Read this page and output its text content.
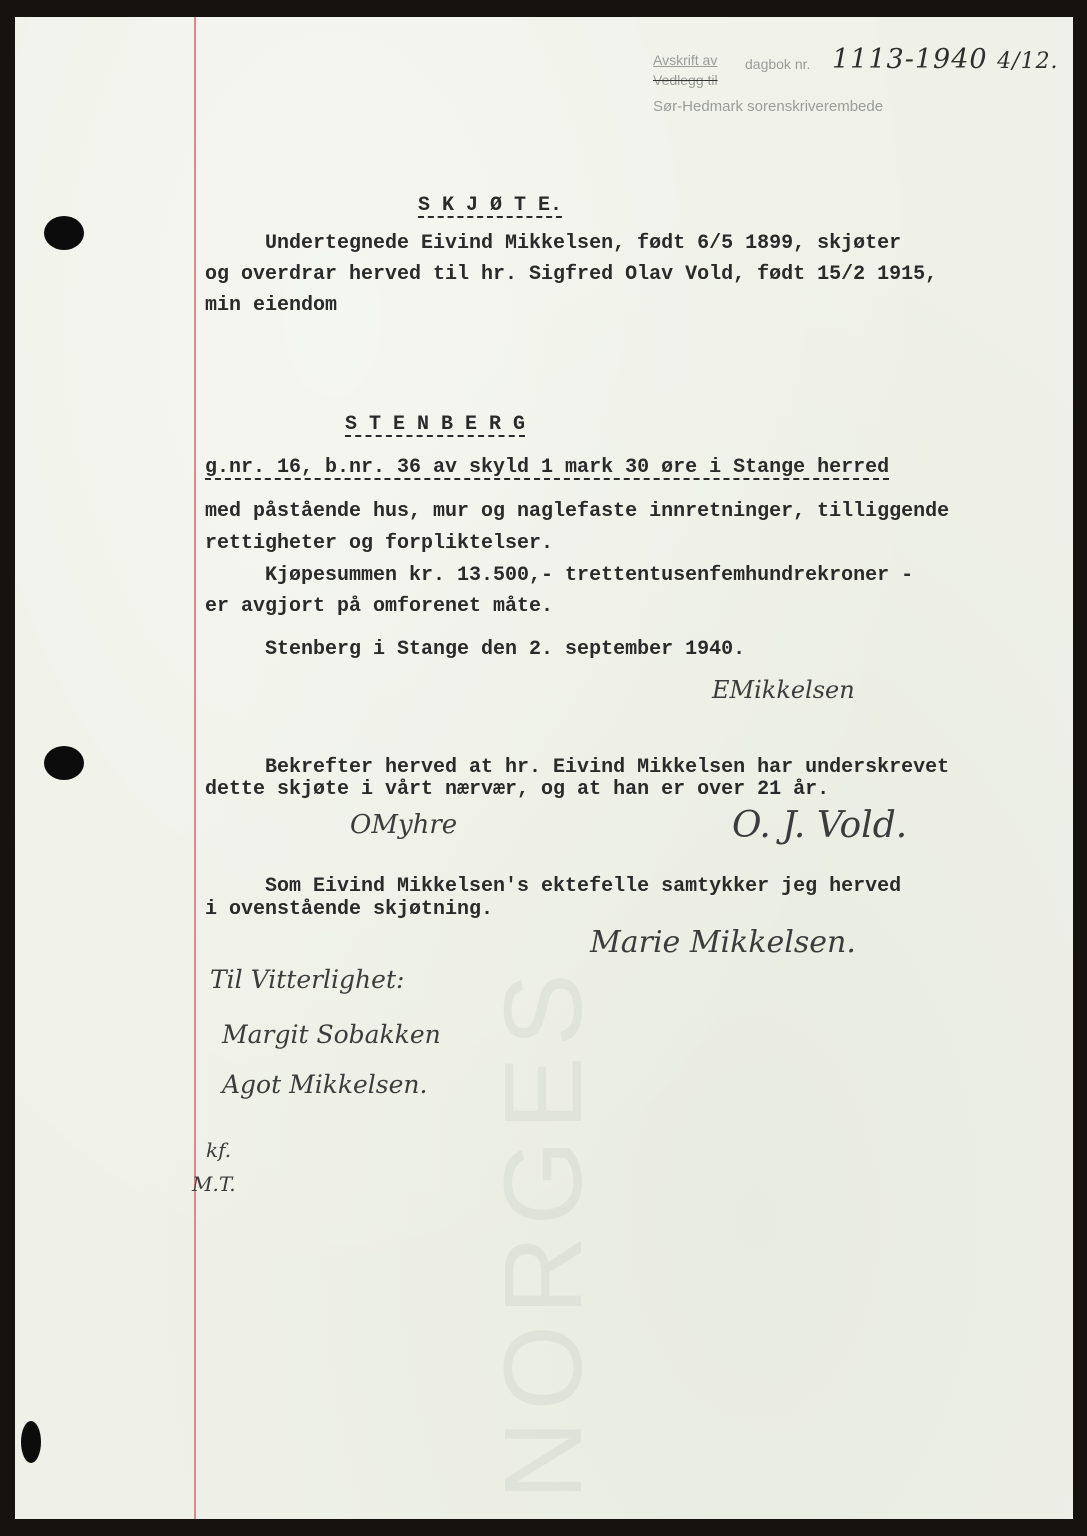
Avskrift av
Vedlegg til
dagbok nr. 1113-1940 4/12.
Sør-Hedmark sorenskriverembede
S K J Ø T E.
Undertegnede Eivind Mikkelsen, født 6/5 1899, skjøter
og overdrar herved til hr. Sigfred Olav Vold, født 15/2 1915,
min eiendom
S T E N B E R G
g.nr. 16, b.nr. 36 av skyld 1 mark 30 øre i Stange herred
med påstående hus, mur og naglefaste innretninger, tilliggende
rettigheter og forpliktelser.
Kjøpesummen kr. 13.500,- trettentusenfemhundrekroner -
er avgjort på omforenet måte.
Stenberg i Stange den 2. september 1940.
EMikkelsen
Bekrefter herved at hr. Eivind Mikkelsen har underskrevet
dette skjøte i vårt nærvær, og at han er over 21 år.
OMyhre	O. J. Vold.
Som Eivind Mikkelsen's ektefelle samtykker jeg herved
i ovenstående skjøtning.
Marie Mikkelsen.
Til Vitterlighet:
Margit Sobakken
Agot Mikkelsen.
kf.
M.T.
